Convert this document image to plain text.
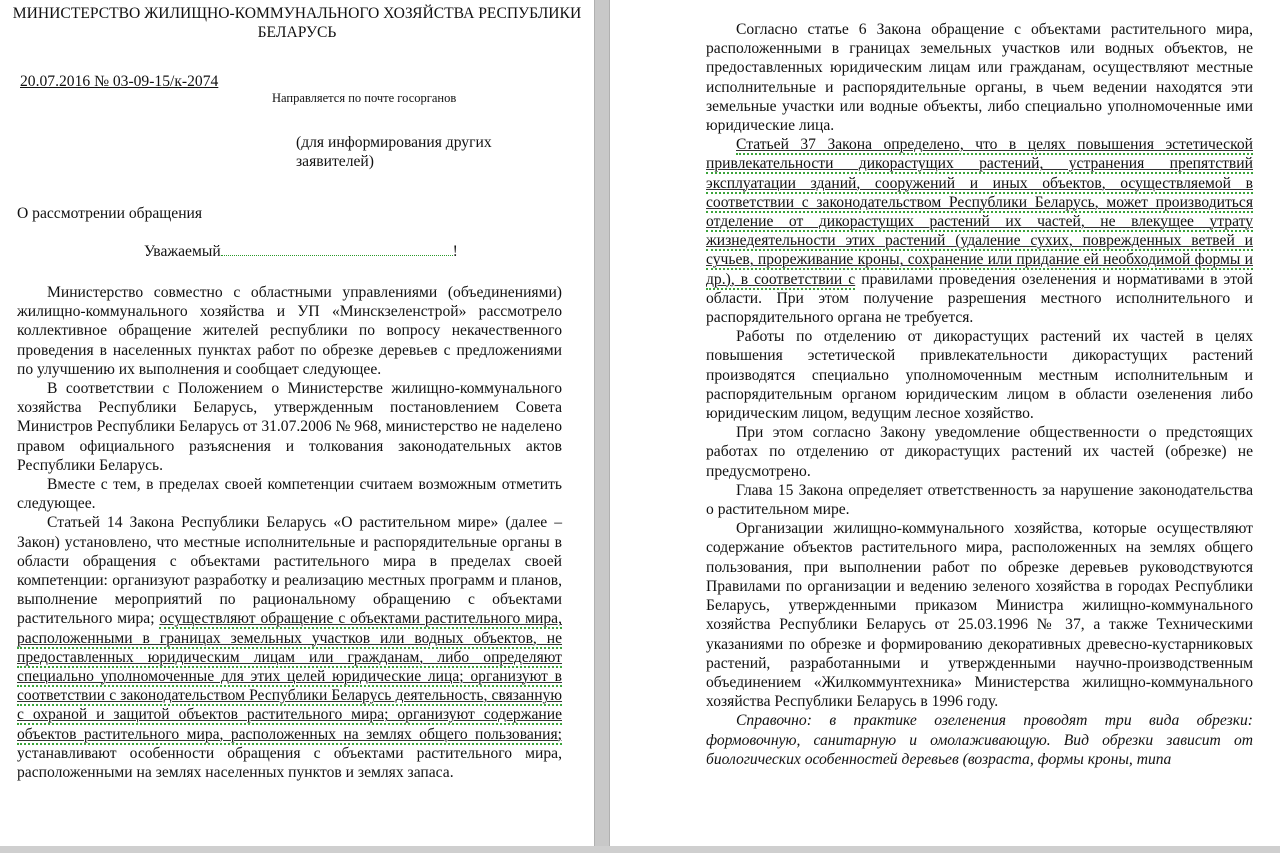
МИНИСТЕРСТВО ЖИЛИЩНО-КОММУНАЛЬНОГО ХОЗЯЙСТВА РЕСПУБЛИКИ БЕЛАРУСЬ
20.07.2016 № 03-09-15/к-2074
Направляется по почте госорганов
(для информирования других заявителей)
О рассмотрении обращения
Уважаемый	!

Министерство совместно с областными управлениями (объединениями) жилищно-коммунального хозяйства и УП «Минскзеленстрой» рассмотрело коллективное обращение жителей республики по вопросу некачественного проведения в населенных пунктах работ по обрезке деревьев с предложениями по улучшению их выполнения и сообщает следующее.

В соответствии с Положением о Министерстве жилищно-коммунального хозяйства Республики Беларусь, утвержденным постановлением Совета Министров Республики Беларусь от 31.07.2006 № 968, министерство не наделено правом официального разъяснения и толкования законодательных актов Республики Беларусь.

Вместе с тем, в пределах своей компетенции считаем возможным отметить следующее.

Статьей 14 Закона Республики Беларусь «О растительном мире» (далее – Закон) установлено, что местные исполнительные и распорядительные органы в области обращения с объектами растительного мира в пределах своей компетенции: организуют разработку и реализацию местных программ и планов, выполнение мероприятий по рациональному обращению с объектами растительного мира; осуществляют обращение с объектами растительного мира, расположенными в границах земельных участков или водных объектов, не предоставленных юридическим лицам или гражданам, либо определяют специально уполномоченные для этих целей юридические лица; организуют в соответствии с законодательством Республики Беларусь деятельность, связанную с охраной и защитой объектов растительного мира; организуют содержание объектов растительного мира, расположенных на землях общего пользования; устанавливают особенности обращения с объектами растительного мира, расположенными на землях населенных пунктов и землях запаса.

Согласно статье 6 Закона обращение с объектами растительного мира, расположенными в границах земельных участков или водных объектов, не предоставленных юридическим лицам или гражданам, осуществляют местные исполнительные и распорядительные органы, в чьем ведении находятся эти земельные участки или водные объекты, либо специально уполномоченные ими юридические лица.

Статьей 37 Закона определено, что в целях повышения эстетической привлекательности дикорастущих растений, устранения препятствий эксплуатации зданий, сооружений и иных объектов, осуществляемой в соответствии с законодательством Республики Беларусь, может производиться отделение от дикорастущих растений их частей, не влекущее утрату жизнедеятельности этих растений (удаление сухих, поврежденных ветвей и сучьев, прореживание кроны, сохранение или придание ей необходимой формы и др.), в соответствии с правилами проведения озеленения и нормативами в этой области. При этом получение разрешения местного исполнительного и распорядительного органа не требуется.

Работы по отделению от дикорастущих растений их частей в целях повышения эстетической привлекательности дикорастущих растений производятся специально уполномоченным местным исполнительным и распорядительным органом юридическим лицом в области озеленения либо юридическим лицом, ведущим лесное хозяйство.

При этом согласно Закону уведомление общественности о предстоящих работах по отделению от дикорастущих растений их частей (обрезке) не предусмотрено.

Глава 15 Закона определяет ответственность за нарушение законодательства о растительном мире.

Организации жилищно-коммунального хозяйства, которые осуществляют содержание объектов растительного мира, расположенных на землях общего пользования, при выполнении работ по обрезке деревьев руководствуются Правилами по организации и ведению зеленого хозяйства в городах Республики Беларусь, утвержденными приказом Министра жилищно-коммунального хозяйства Республики Беларусь от 25.03.1996 № 37, а также Техническими указаниями по обрезке и формированию декоративных древесно-кустарниковых растений, разработанными и утвержденными научно-производственным объединением «Жилкоммунтехника» Министерства жилищно-коммунального хозяйства Республики Беларусь в 1996 году.

Справочно: в практике озеленения проводят три вида обрезки: формовочную, санитарную и омолаживающую. Вид обрезки зависит от биологических особенностей деревьев (возраста, формы кроны, типа
